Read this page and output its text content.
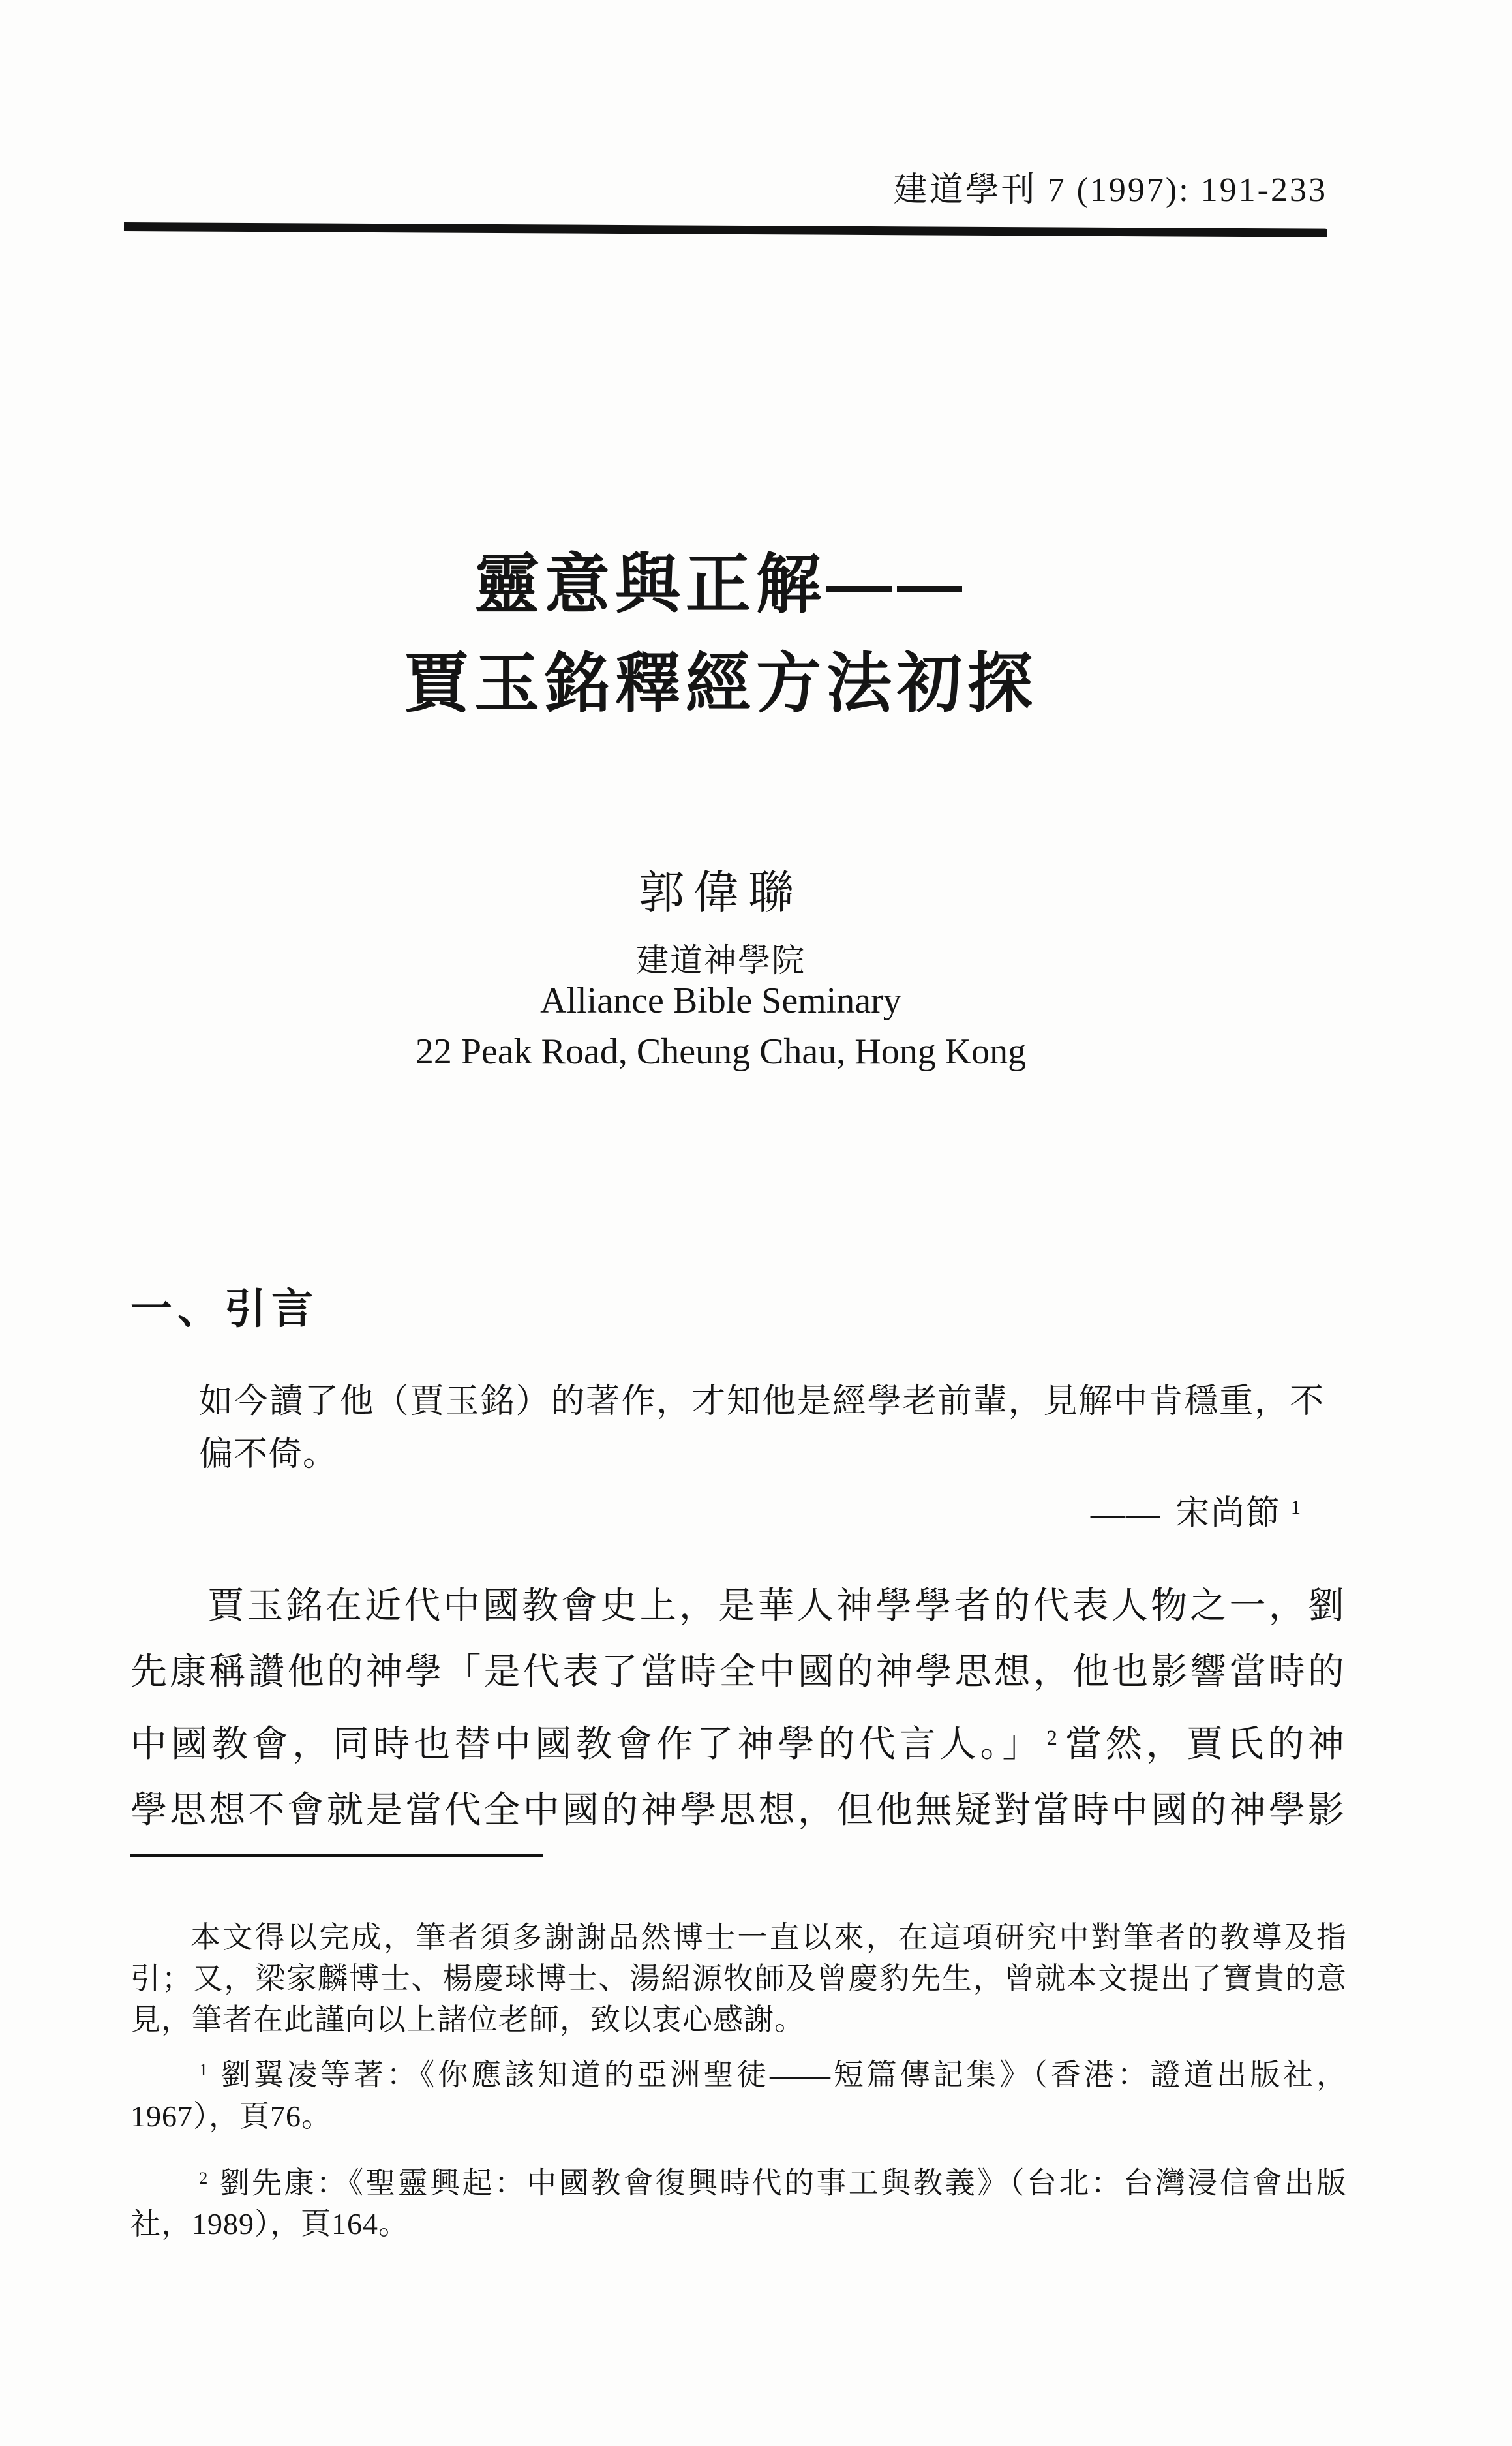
建道學刊 7 (1997): 191-233
靈意與正解——
賈玉銘釋經方法初探
郭偉聯
建道神學院
Alliance Bible Seminary
22 Peak Road, Cheung Chau, Hong Kong
一、引言
如今讀了他（賈玉銘）的著作，才知他是經學老前輩，見解中肯穩重，不
偏不倚。
—— 宋尚節 $^1$
賈玉銘在近代中國教會史上，是華人神學學者的代表人物之一，劉
先康稱讚他的神學「是代表了當時全中國的神學思想，他也影響當時的
中國教會，同時也替中國教會作了神學的代言人。」 $^2$ 當然，賈氏的神
學思想不會就是當代全中國的神學思想，但他無疑對當時中國的神學影
本文得以完成，筆者須多謝謝品然博士一直以來，在這項研究中對筆者的教導及指
引；又，梁家麟博士、楊慶球博士、湯紹源牧師及曾慶豹先生，曾就本文提出了寶貴的意
見，筆者在此謹向以上諸位老師，致以衷心感謝。
$^1$ 劉翼凌等著：《你應該知道的亞洲聖徒——短篇傳記集》（香港：證道出版社，
1967），頁76。
$^2$ 劉先康：《聖靈興起：中國教會復興時代的事工與教義》（台北：台灣浸信會出版
社，1989），頁164。
